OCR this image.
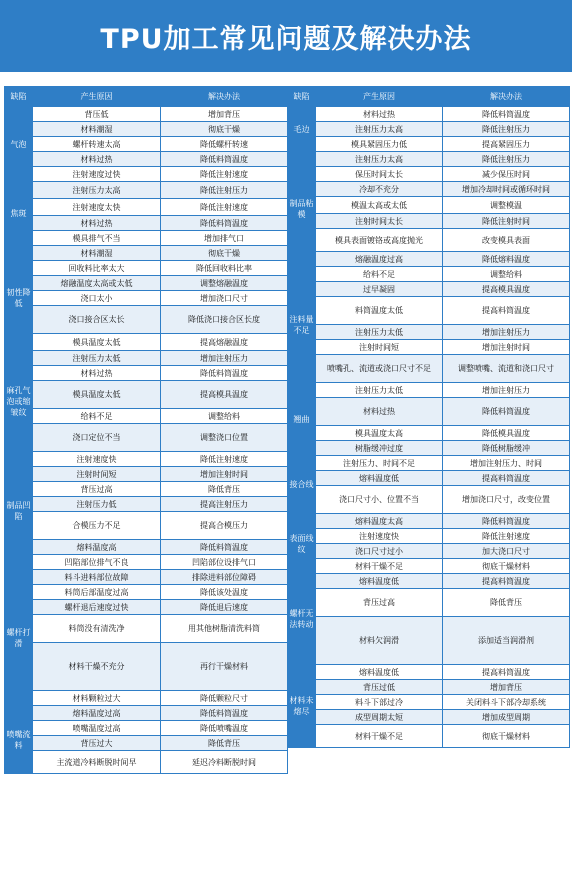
TPU加工常见问题及解决办法
缺陷	产生原因	解决办法
气泡	背压低	增加背压
	材料潮湿	彻底干燥
	螺杆转速太高	降低螺杆转速
	材料过热	降低料筒温度
	注射速度过快	降低注射速度
焦斑	注射压力太高	降低注射压力
	注射速度太快	降低注射速度
	材料过热	降低料筒温度
	模具排气不当	增加排气口
韧性降低	材料潮湿	彻底干燥
	回收料比率太大	降低回收料比率
	熔融温度太高或太低	调整熔融温度
	浇口太小	增加浇口尺寸
	浇口接合区太长	降低浇口接合区长度
	模具温度太低	提高熔融温度
麻孔气泡或缩皱纹	注射压力太低	增加注射压力
	材料过热	降低料筒温度
	模具温度太低	提高模具温度
	给料不足	调整给料
	浇口定位不当	调整浇口位置
制品凹陷	注射速度快	降低注射速度
	注射时间短	增加注射时间
	背压过高	降低背压
	注射压力低	提高注射压力
	合模压力不足	提高合模压力
	熔料温度高	降低料筒温度
	凹陷部位排气不良	凹陷部位设排气口
螺杆打滑	料斗进料部位故障	排除进料部位障碍
	料筒后部温度过高	降低该处温度
	螺杆退后速度过快	降低退后速度
	料筒没有清洗净	用其他树脂清洗料筒
	材料干燥不充分	再行干燥材料
	材料颗粒过大	降低颗粒尺寸
喷嘴流料	熔料温度过高	降低料筒温度
	喷嘴温度过高	降低喷嘴温度
	背压过大	降低背压
	主流道冷料断脱时间早	延迟冷料断脱时间
缺陷	产生原因	解决办法
毛边	材料过热	降低料筒温度
	注射压力太高	降低注射压力
	模具紧固压力低	提高紧固压力
制品粘模	注射压力太高	降低注射压力
	保压时间太长	减少保压时间
	冷却不充分	增加冷却时间或循环时间
	模温太高或太低	调整模温
	注射时间太长	降低注射时间
	模具表面镀铬或高度抛光	改变模具表面
	熔融温度过高	降低熔料温度
注料量不足	给料不足	调整给料
	过早凝固	提高模具温度
	料筒温度太低	提高料筒温度
	注射压力太低	增加注射压力
	注射时间短	增加注射时间
	喷嘴孔、流道或浇口尺寸不足	调整喷嘴、流道和浇口尺寸
翘曲	注射压力太低	增加注射压力
	材料过热	降低料筒温度
	模具温度太高	降低模具温度
	树脂缓冲过度	降低树脂缓冲
接合线	注射压力、时间不足	增加注射压力、时间
	熔料温度低	提高料筒温度
	浇口尺寸小、位置不当	增加浇口尺寸，改变位置
表面线纹	熔料温度太高	降低料筒温度
	注射速度快	降低注射速度
	浇口尺寸过小	加大浇口尺寸
	材料干燥不足	彻底干燥材料
螺杆无法转动	熔料温度低	提高料筒温度
	背压过高	降低背压
	材料欠润滑	添加适当润滑剂
材料未熔尽	熔料温度低	提高料筒温度
	背压过低	增加背压
	料斗下部过冷	关闭料斗下部冷却系统
	成型周期太短	增加成型周期
	材料干燥不足	彻底干燥材料
